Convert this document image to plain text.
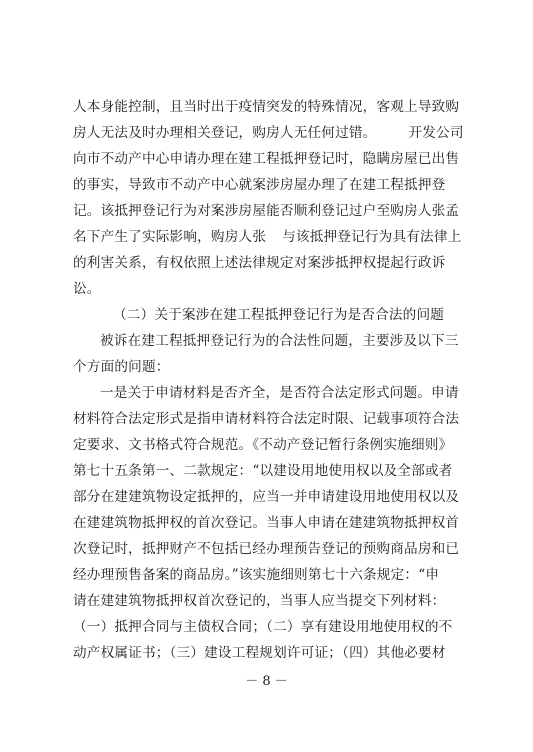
人本身能控制，且当时出于疫情突发的特殊情况，客观上导致购
房人无法及时办理相关登记，购房人无任何过错。 开发公司
向市不动产中心申请办理在建工程抵押登记时，隐瞒房屋已出售
的事实，导致市不动产中心就案涉房屋办理了在建工程抵押登
记。该抵押登记行为对案涉房屋能否顺利登记过户至购房人张孟
名下产生了实际影响，购房人张 与该抵押登记行为具有法律上
的利害关系，有权依照上述法律规定对案涉抵押权提起行政诉
讼。
（二）关于案涉在建工程抵押登记行为是否合法的问题
被诉在建工程抵押登记行为的合法性问题，主要涉及以下三
个方面的问题：
一是关于申请材料是否齐全，是否符合法定形式问题。申请
材料符合法定形式是指申请材料符合法定时限、记载事项符合法
定要求、文书格式符合规范。《不动产登记暂行条例实施细则》
第七十五条第一、二款规定：“以建设用地使用权以及全部或者
部分在建建筑物设定抵押的，应当一并申请建设用地使用权以及
在建建筑物抵押权的首次登记。当事人申请在建建筑物抵押权首
次登记时，抵押财产不包括已经办理预告登记的预购商品房和已
经办理预售备案的商品房。”该实施细则第七十六条规定：“申
请在建建筑物抵押权首次登记的，当事人应当提交下列材料：
（一）抵押合同与主债权合同；（二）享有建设用地使用权的不
动产权属证书；（三）建设工程规划许可证；（四）其他必要材
－ 8 －
